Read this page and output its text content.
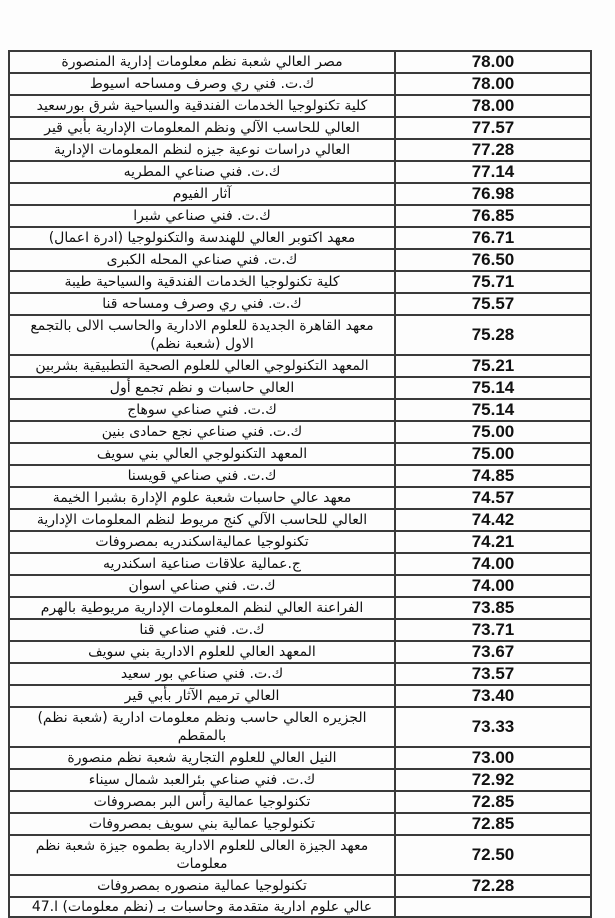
مصر العالي شعبة نظم معلومات إدارية المنصورة	78.00
ك.ت. فني ري وصرف ومساحه اسيوط	78.00
كلية تكنولوجيا الخدمات الفندقية والسياحية شرق بورسعيد	78.00
العالي للحاسب الآلي ونظم المعلومات الإدارية بأبي قير	77.57
العالي دراسات نوعية جيزه لنظم المعلومات الإدارية	77.28
ك.ت. فني صناعي المطريه	77.14
آثار الفيوم	76.98
ك.ت. فني صناعي شبرا	76.85
معهد اكتوبر العالي للهندسة والتكنولوجيا (ادرة اعمال)	76.71
ك.ت. فني صناعي المحله الكبرى	76.50
كلية تكنولوجيا الخدمات الفندقية والسياحية طيبة	75.71
ك.ت. فني ري وصرف ومساحه قنا	75.57
معهد القاهرة الجديدة للعلوم الادارية والحاسب الالى بالتجمع الاول (شعبة نظم)	75.28
المعهد التكنولوجي العالي للعلوم الصحية التطبيقية بشربين	75.21
العالي حاسبات و نظم تجمع أول	75.14
ك.ت. فني صناعي سوهاج	75.14
ك.ت. فني صناعي نجع حمادى بنين	75.00
المعهد التكنولوجي العالي بني سويف	75.00
ك.ت. فني صناعي قويسنا	74.85
معهد عالي حاسبات شعبة علوم الإدارة بشبرا الخيمة	74.57
العالي للحاسب الآلي كنج مريوط لنظم المعلومات الإدارية	74.42
تكنولوجيا عماليةاسكندريه بمصروفات	74.21
ج.عمالية علاقات صناعية اسكندريه	74.00
ك.ت. فني صناعي اسوان	74.00
الفراعنة العالي لنظم المعلومات الإدارية مريوطية بالهرم	73.85
ك.ت. فني صناعي قنا	73.71
المعهد العالي للعلوم الادارية بني سويف	73.67
ك.ت. فني صناعي بور سعيد	73.57
العالي ترميم الآثار بأبي قير	73.40
الجزيره العالي حاسب ونظم معلومات ادارية (شعبة نظم) بالمقطم	73.33
النيل العالي للعلوم التجارية شعبة نظم منصورة	73.00
ك.ت. فني صناعي بئرالعبد شمال سيناء	72.92
تكنولوجيا عمالية رأس البر بمصروفات	72.85
تكنولوجيا عمالية بني سويف بمصروفات	72.85
معهد الجيزة العالى للعلوم الادارية بطموه جيزة شعبة نظم معلومات	72.50
تكنولوجيا عمالية منصوره بمصروفات	72.28
عالي علوم ادارية متقدمة وحاسبات بـ (نظم معلومات) ا.47	
